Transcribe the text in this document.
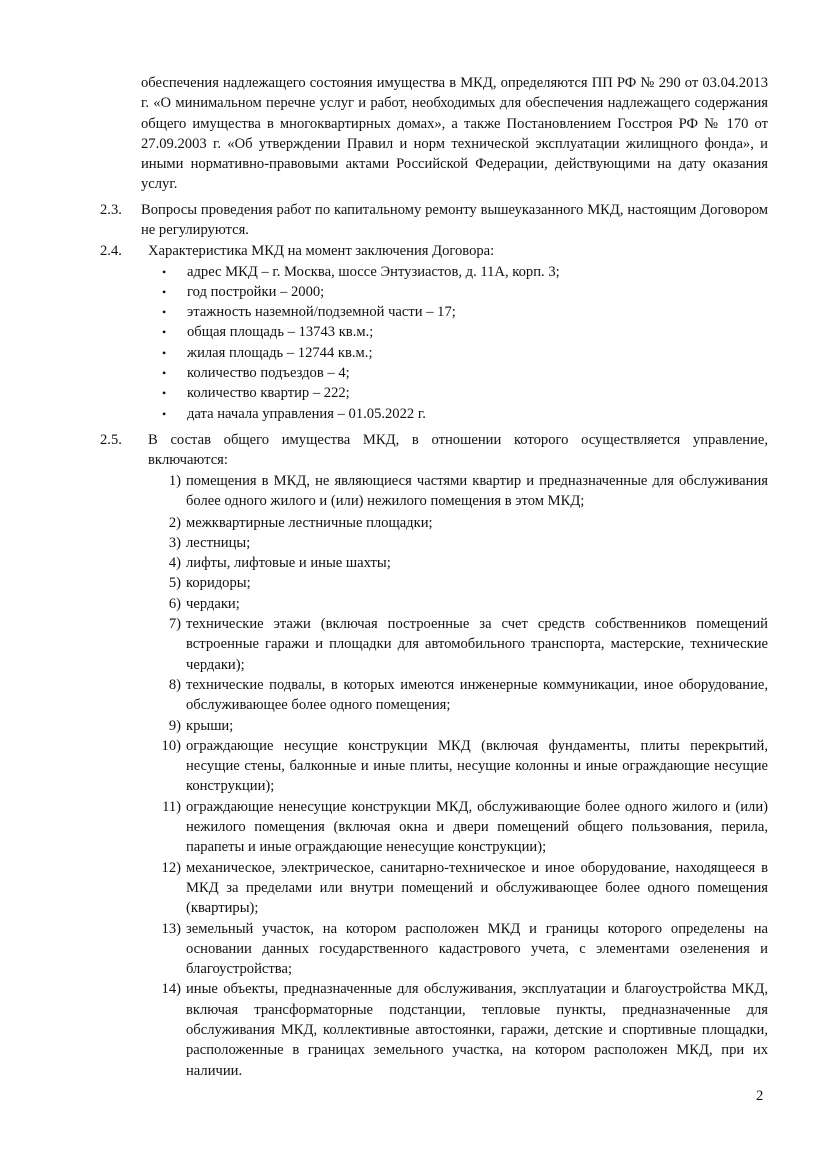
обеспечения надлежащего состояния имущества в МКД, определяются ПП РФ № 290 от 03.04.2013 г. «О минимальном перечне услуг и работ, необходимых для обеспечения надлежащего содержания общего имущества в многоквартирных домах», а также Постановлением Госстроя РФ № 170 от 27.09.2003 г. «Об утверждении Правил и норм технической эксплуатации жилищного фонда», и иными нормативно-правовыми актами Российской Федерации, действующими на дату оказания услуг.

2.3. Вопросы проведения работ по капитальному ремонту вышеуказанного МКД, настоящим Договором не регулируются.
2.4. Характеристика МКД на момент заключения Договора:
•	адрес МКД – г. Москва, шоссе Энтузиастов, д. 11А, корп. 3;
•	год постройки – 2000;
•	этажность наземной/подземной части – 17;
•	общая площадь – 13743 кв.м.;
•	жилая площадь – 12744 кв.м.;
•	количество подъездов – 4;
•	количество квартир – 222;
•	дата начала управления – 01.05.2022 г.
2.5. В состав общего имущества МКД, в отношении которого осуществляется управление, включаются:
1) помещения в МКД, не являющиеся частями квартир и предназначенные для обслуживания более одного жилого и (или) нежилого помещения в этом МКД;
2) межквартирные лестничные площадки;
3) лестницы;
4) лифты, лифтовые и иные шахты;
5) коридоры;
6) чердаки;
7) технические этажи (включая построенные за счет средств собственников помещений встроенные гаражи и площадки для автомобильного транспорта, мастерские, технические чердаки);
8) технические подвалы, в которых имеются инженерные коммуникации, иное оборудование, обслуживающее более одного помещения;
9) крыши;
10) ограждающие несущие конструкции МКД (включая фундаменты, плиты перекрытий, несущие стены, балконные и иные плиты, несущие колонны и иные ограждающие несущие конструкции);
11) ограждающие ненесущие конструкции МКД, обслуживающие более одного жилого и (или) нежилого помещения (включая окна и двери помещений общего пользования, перила, парапеты и иные ограждающие ненесущие конструкции);
12) механическое, электрическое, санитарно-техническое и иное оборудование, находящееся в МКД за пределами или внутри помещений и обслуживающее более одного помещения (квартиры);
13) земельный участок, на котором расположен МКД и границы которого определены на основании данных государственного кадастрового учета, с элементами озеленения и благоустройства;
14) иные объекты, предназначенные для обслуживания, эксплуатации и благоустройства МКД, включая трансформаторные подстанции, тепловые пункты, предназначенные для обслуживания МКД, коллективные автостоянки, гаражи, детские и спортивные площадки, расположенные в границах земельного участка, на котором расположен МКД, при их наличии.
2
